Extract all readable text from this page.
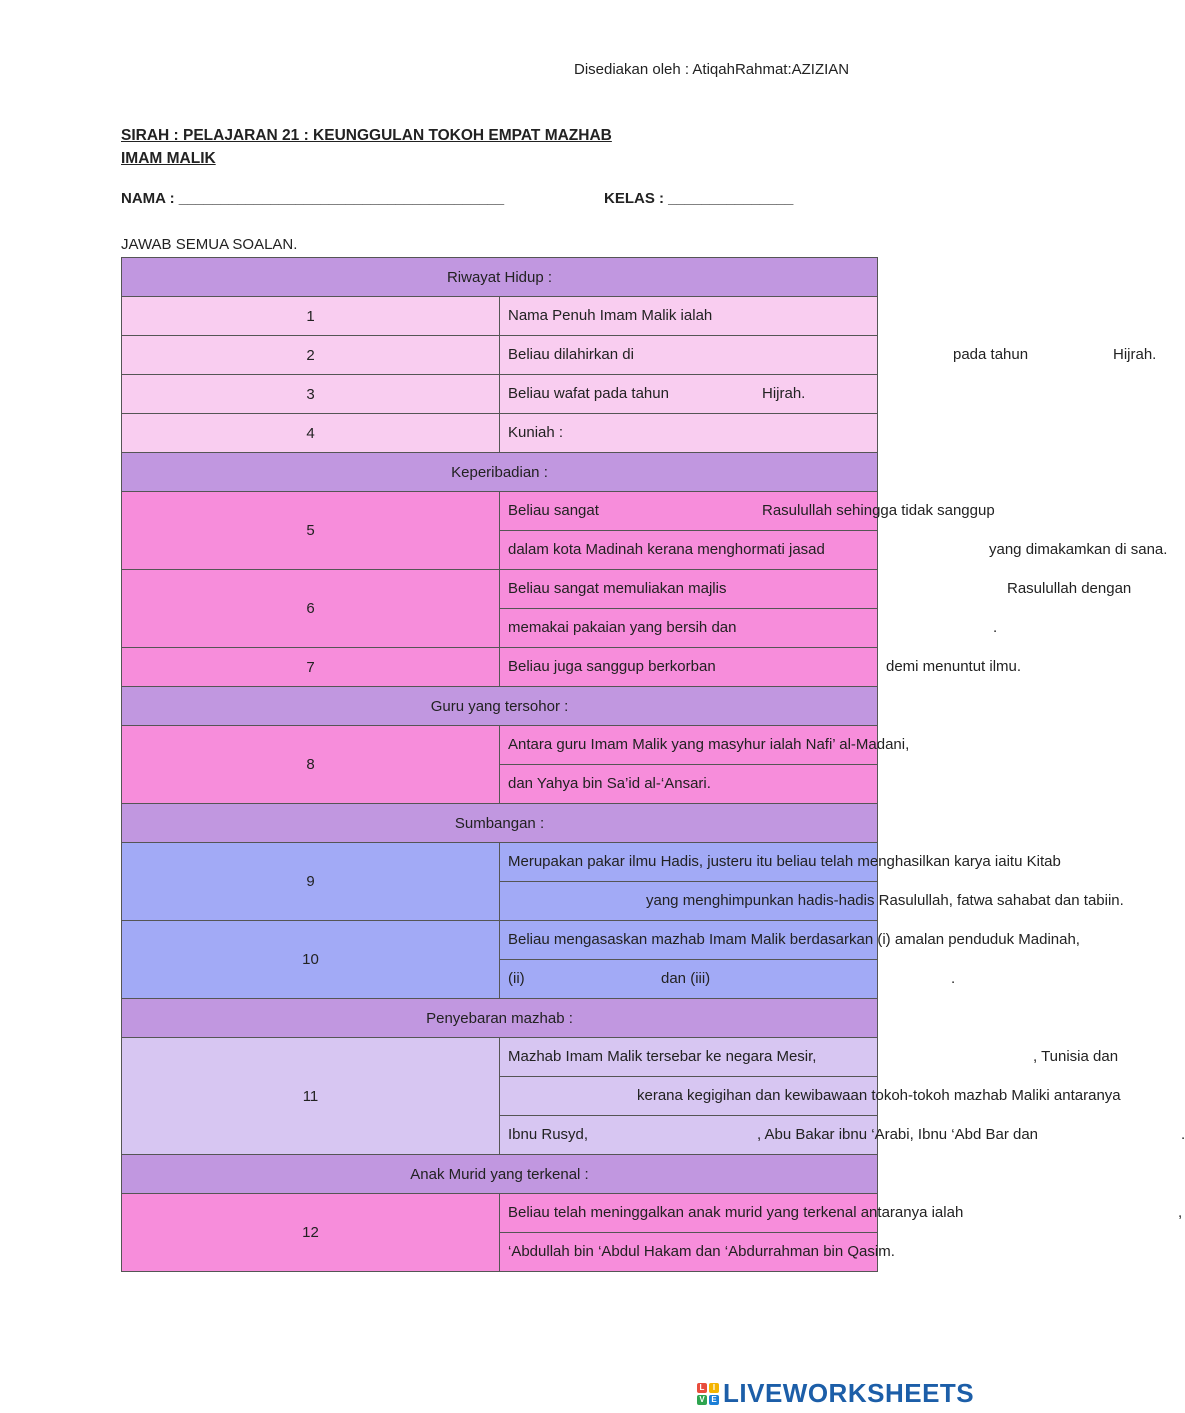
Disediakan oleh : AtiqahRahmat:AZIZIAN
SIRAH : PELAJARAN 21 : KEUNGGULAN TOKOH EMPAT MAZHAB
IMAM MALIK
NAMA : _______________________________________	KELAS : _______________
JAWAB SEMUA SOALAN.
Riwayat Hidup :	
1	Nama Penuh Imam Malik ialah

2	Beliau dilahirkan di pada tahun Hijrah.

3	Beliau wafat pada tahun Hijrah.

4	Kuniah :

Keperibadian :	
5	Beliau sangat Rasulullah sehingga tidak sanggup

	dalam kota Madinah kerana menghormati jasad yang dimakamkan di sana.

6	Beliau sangat memuliakan majlis Rasulullah dengan

	memakai pakaian yang bersih dan .

7	Beliau juga sanggup berkorban demi menuntut ilmu.

Guru yang tersohor :	
8	Antara guru Imam Malik yang masyhur ialah Nafi’ al-Madani,

	dan Yahya bin Sa’id al-‘Ansari.

Sumbangan :	
9	Merupakan pakar ilmu Hadis, justeru itu beliau telah menghasilkan karya iaitu Kitab

	yang menghimpunkan hadis-hadis Rasulullah, fatwa sahabat dan tabiin.

10	Beliau mengasaskan mazhab Imam Malik berdasarkan (i) amalan penduduk Madinah,

	(ii) dan (iii) .

Penyebaran mazhab :	
11	Mazhab Imam Malik tersebar ke negara Mesir, , Tunisia dan

	kerana kegigihan dan kewibawaan tokoh-tokoh mazhab Maliki antaranya

	Ibnu Rusyd, , Abu Bakar ibnu ‘Arabi, Ibnu ‘Abd Bar dan .

Anak Murid yang terkenal :	
12	Beliau telah meninggalkan anak murid yang terkenal antaranya ialah ,

	‘Abdullah bin ‘Abdul Hakam dan ‘Abdurrahman bin Qasim.
L	I
V E LIVEWORKSHEETS
